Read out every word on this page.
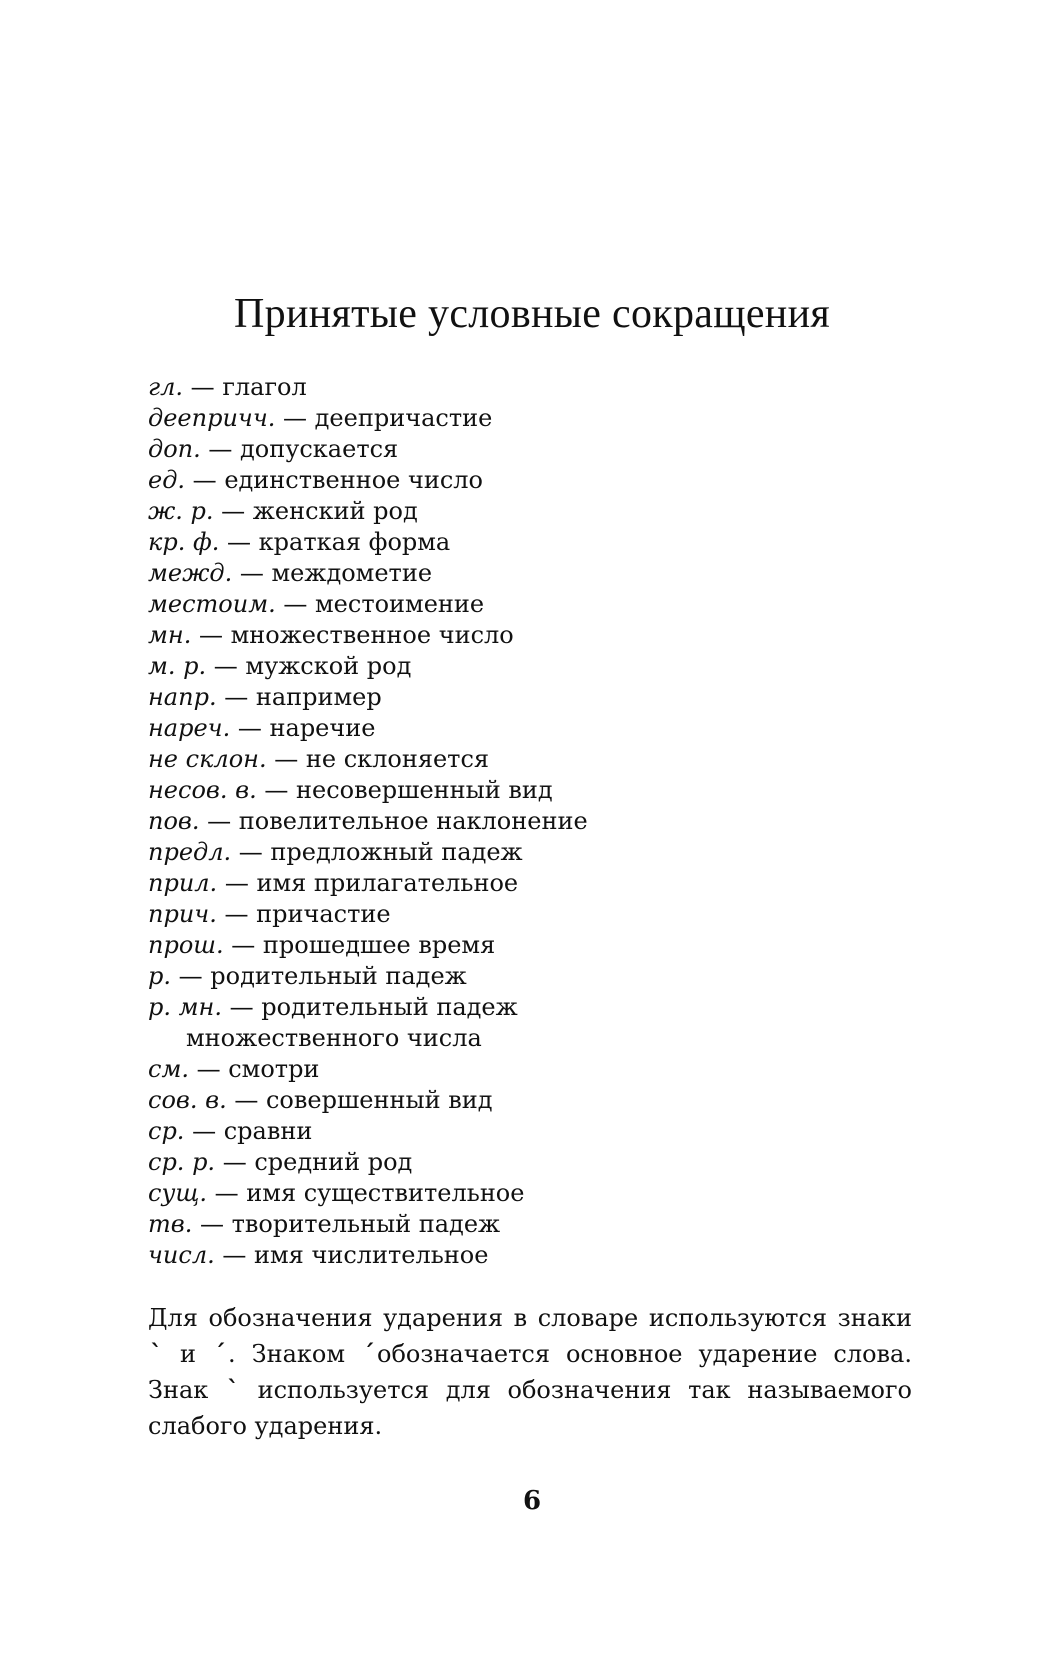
Принятые условные сокращения
гл. — глагол
деепричч. — деепричастие
доп. — допускается
ед. — единственное число
ж. р. — женский род
кр. ф. — краткая форма
межд. — междометие
местоим. — местоимение
мн. — множественное число
м. р. — мужской род
напр. — например
нареч. — наречие
не склон. — не склоняется
несов. в. — несовершенный вид
пов. — повелительное наклонение
предл. — предложный падеж
прил. — имя прилагательное
прич. — причастие
прош. — прошедшее время
р. — родительный падеж
р. мн. — родительный падеж
множественного числа
см. — смотри
сов. в. — совершенный вид
ср. — сравни
ср. р. — средний род
сущ. — имя существительное
тв. — творительный падеж
числ. — имя числительное

Для обозначения ударения в словаре используются знаки ` и ´. Знаком ´обозначается основное ударение слова. Знак ` используется для обозначения так называемого слабого ударения.

6
